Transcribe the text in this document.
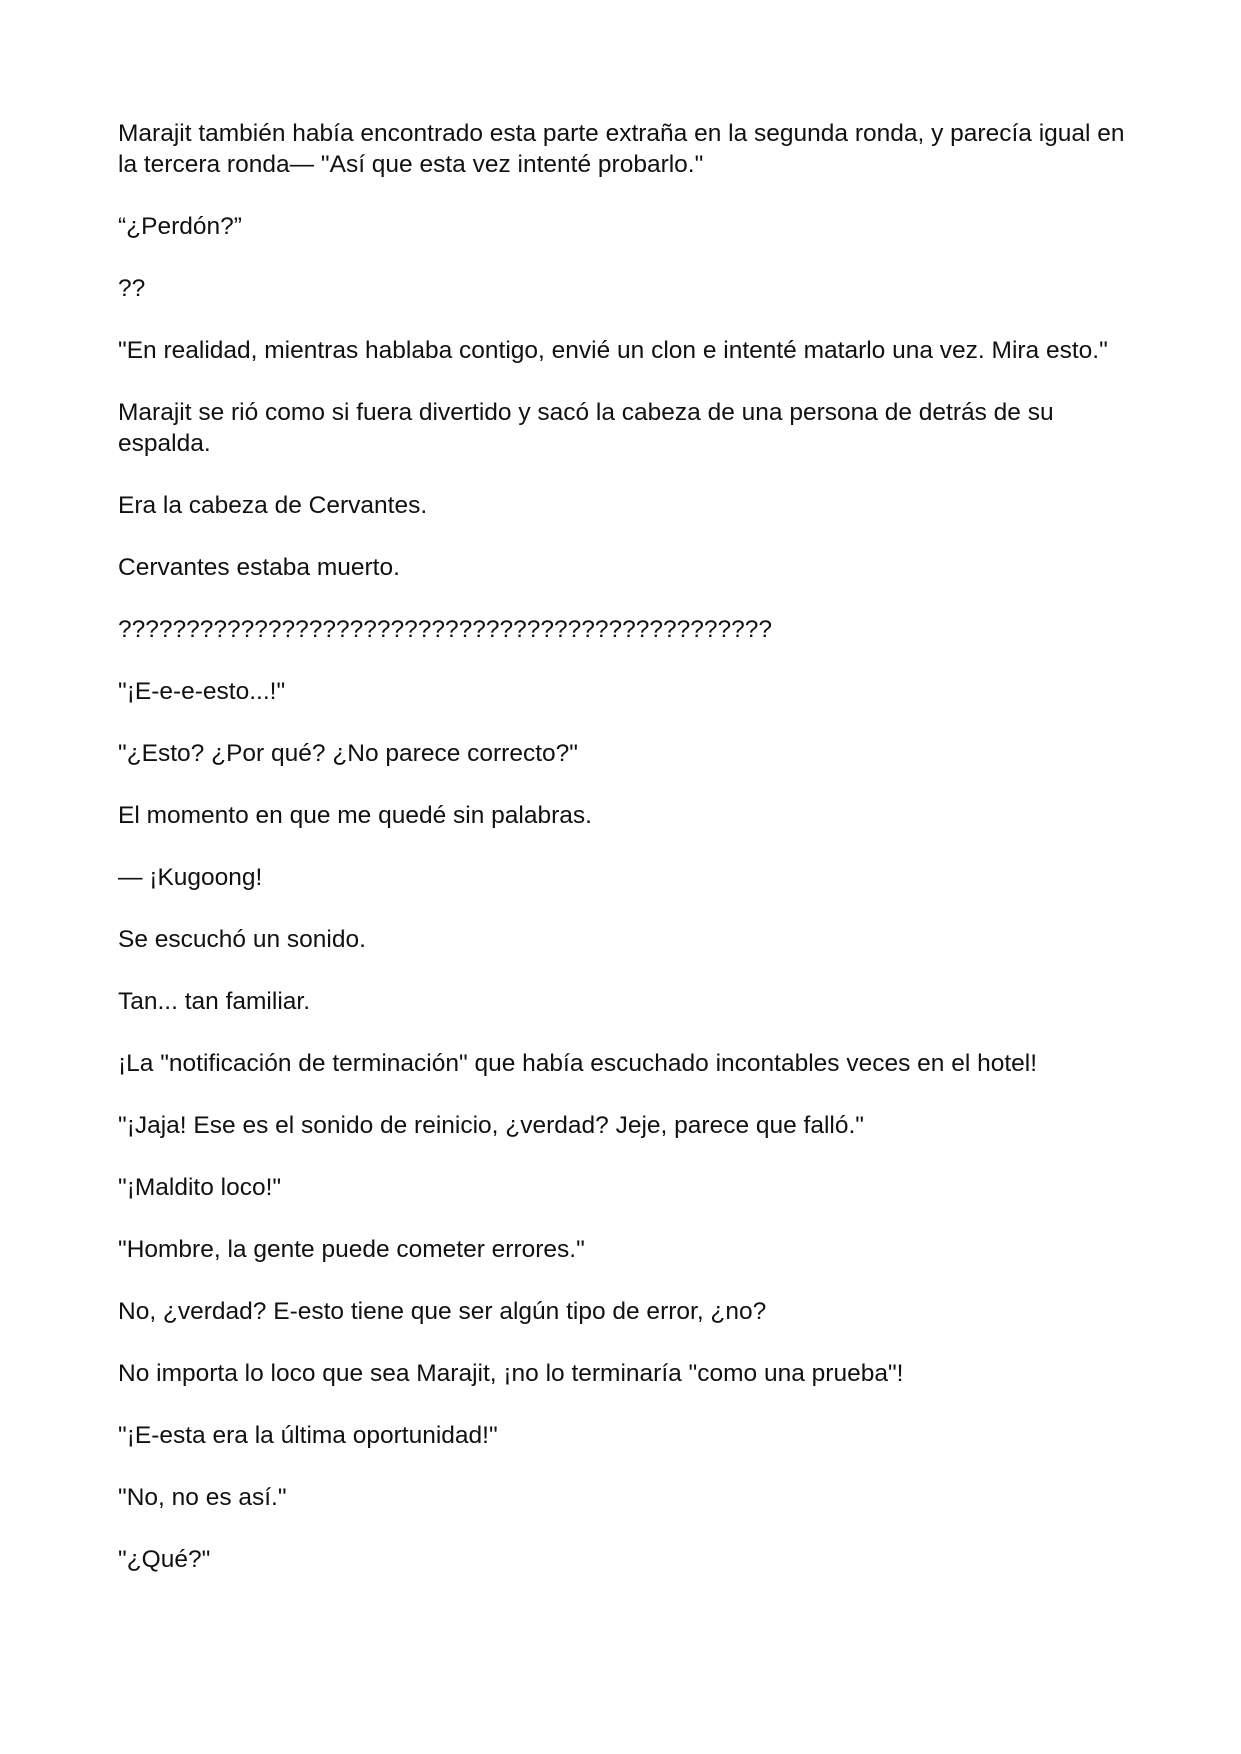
Marajit también había encontrado esta parte extraña en la segunda ronda, y parecía igual en la tercera ronda— "Así que esta vez intenté probarlo."

“¿Perdón?”

??

"En realidad, mientras hablaba contigo, envié un clon e intenté matarlo una vez. Mira esto."

Marajit se rió como si fuera divertido y sacó la cabeza de una persona de detrás de su espalda.

Era la cabeza de Cervantes.

Cervantes estaba muerto.

????????????????????????????????????????????????

"¡E-e-e-esto...!"

"¿Esto? ¿Por qué? ¿No parece correcto?"

El momento en que me quedé sin palabras.

— ¡Kugoong!

Se escuchó un sonido.

Tan... tan familiar.

¡La "notificación de terminación" que había escuchado incontables veces en el hotel!

"¡Jaja! Ese es el sonido de reinicio, ¿verdad? Jeje, parece que falló."

"¡Maldito loco!"

"Hombre, la gente puede cometer errores."

No, ¿verdad? E-esto tiene que ser algún tipo de error, ¿no?

No importa lo loco que sea Marajit, ¡no lo terminaría "como una prueba"!

"¡E-esta era la última oportunidad!"

"No, no es así."

"¿Qué?"
